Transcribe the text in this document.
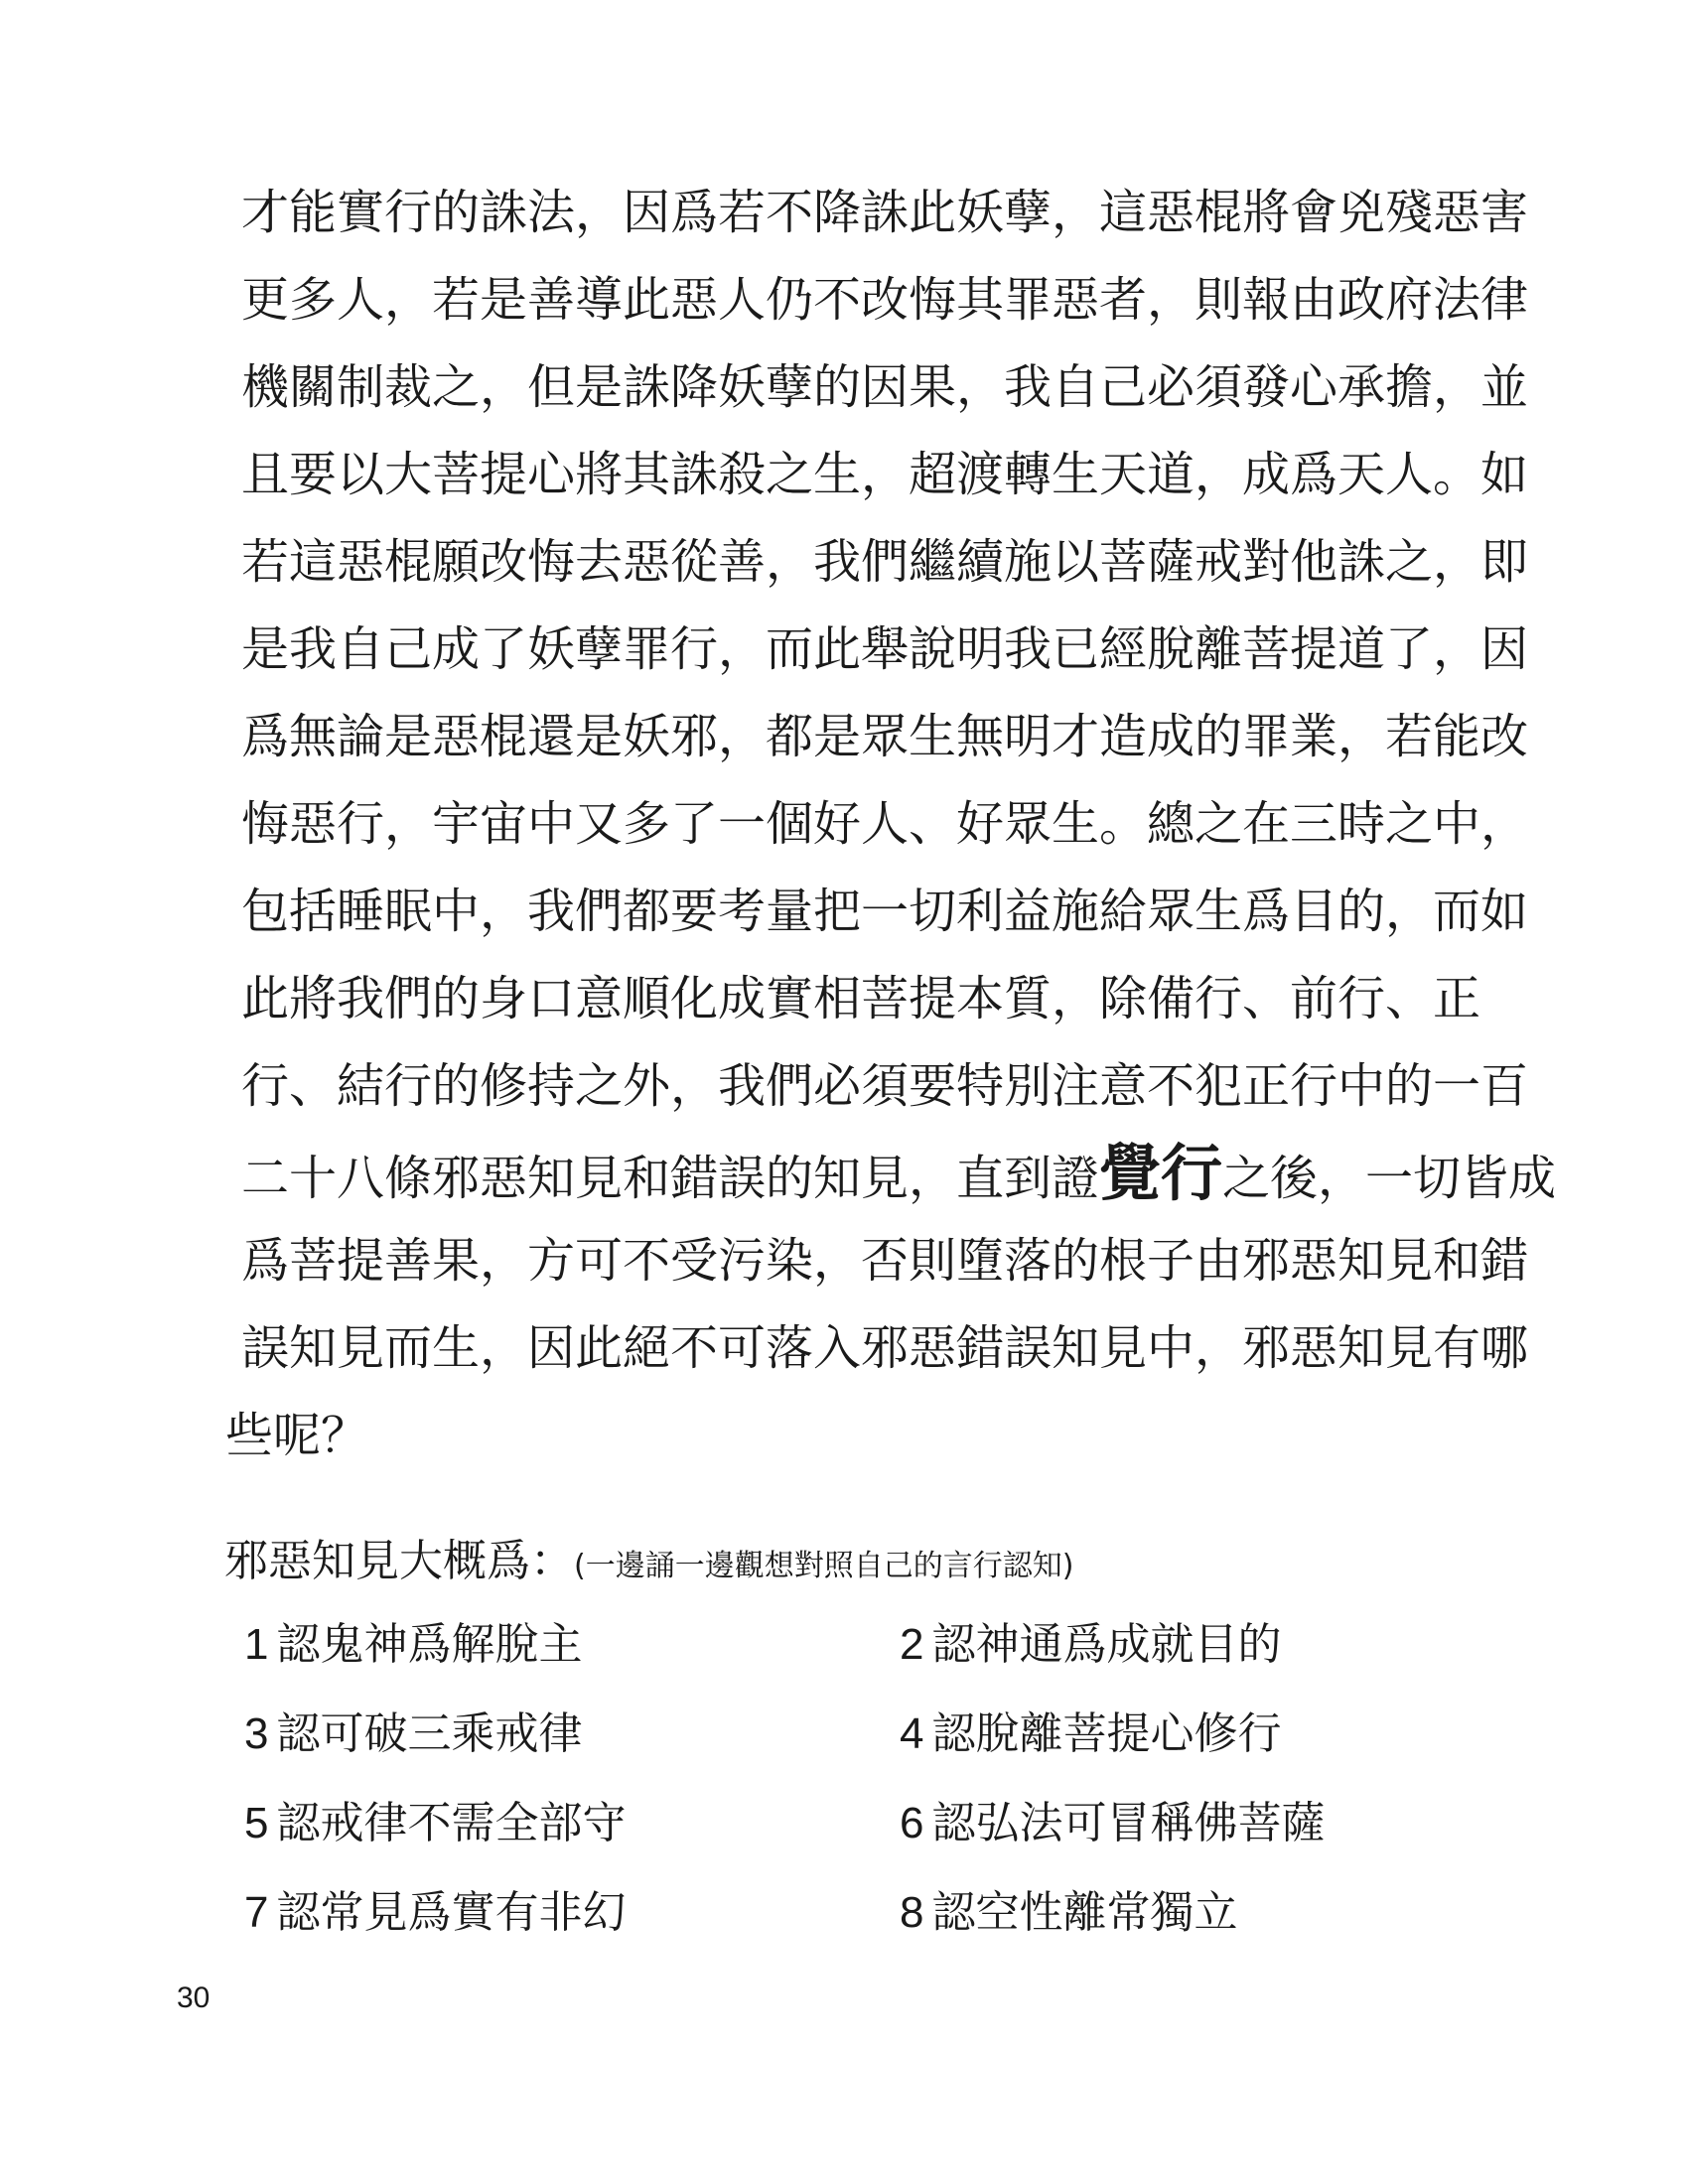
才能實行的誅法，因爲若不降誅此妖孽，這惡棍將會兇殘惡害
更多人，若是善導此惡人仍不改悔其罪惡者，則報由政府法律
機關制裁之，但是誅降妖孽的因果，我自己必須發心承擔，並
且要以大菩提心將其誅殺之生，超渡轉生天道，成爲天人。如
若這惡棍願改悔去惡從善，我們繼續施以菩薩戒對他誅之，即
是我自己成了妖孽罪行，而此舉說明我已經脫離菩提道了，因
爲無論是惡棍還是妖邪，都是眾生無明才造成的罪業，若能改
悔惡行，宇宙中又多了一個好人、好眾生。總之在三時之中，
包括睡眠中，我們都要考量把一切利益施給眾生爲目的，而如
此將我們的身口意順化成實相菩提本質，除備行、前行、正
行、結行的修持之外，我們必須要特別注意不犯正行中的一百
二十八條邪惡知見和錯誤的知見，直到證覺行之後，一切皆成
爲菩提善果，方可不受污染，否則墮落的根子由邪惡知見和錯
誤知見而生，因此絕不可落入邪惡錯誤知見中，邪惡知見有哪
些呢？
邪惡知見大概爲：(一邊誦一邊觀想對照自己的言行認知)
1 認鬼神爲解脫主	2 認神通爲成就目的
3 認可破三乘戒律	4 認脫離菩提心修行
5 認戒律不需全部守	6 認弘法可冒稱佛菩薩
7 認常見爲實有非幻	8 認空性離常獨立
30
